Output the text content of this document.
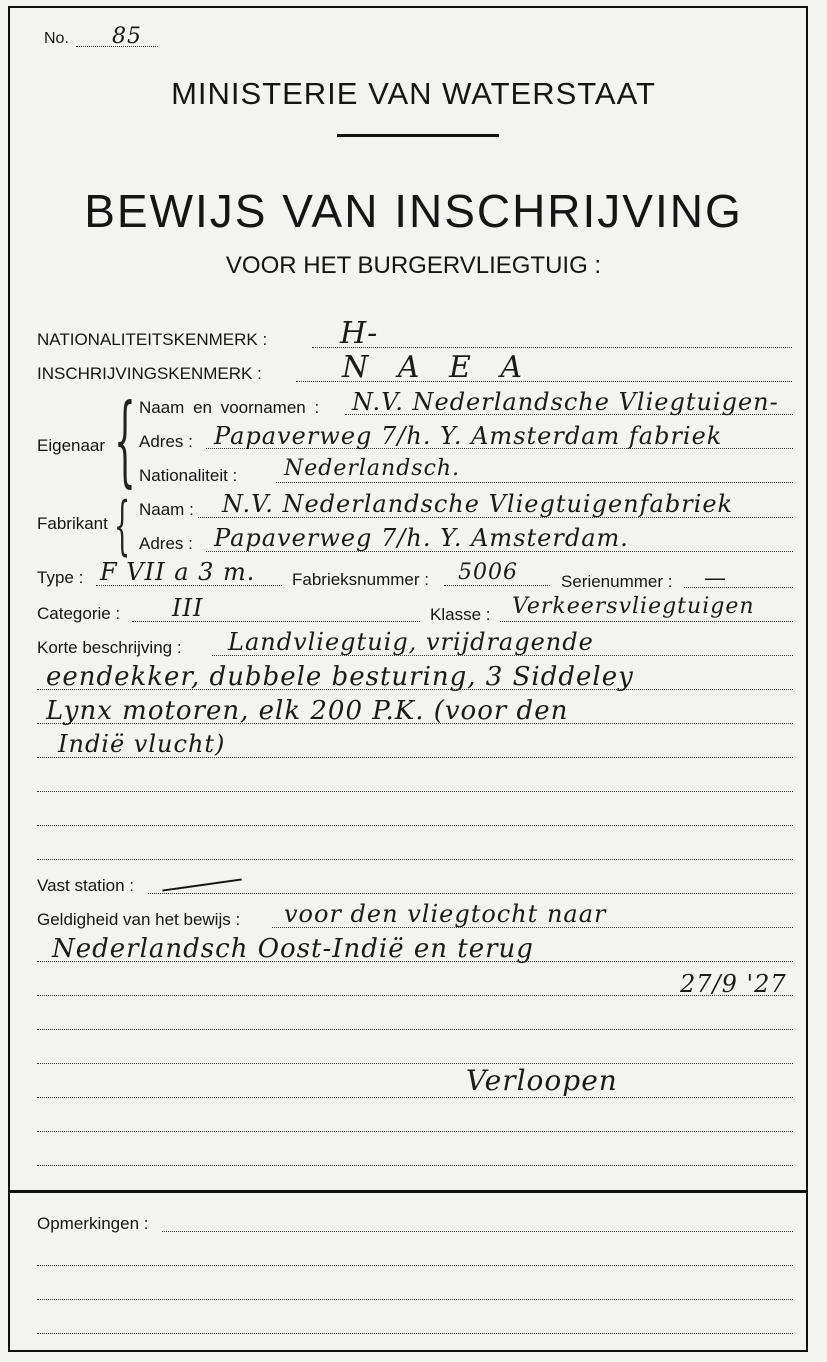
No. 85
MINISTERIE VAN WATERSTAAT
BEWIJS VAN INSCHRIJVING
VOOR HET BURGERVLIEGTUIG :
NATIONALITEITSKENMERK : H-
INSCHRIJVINGSKENMERK :	N A E A
Eigenaar { Naam en voornamen : N.V. Nederlandsche Vliegtuigen-
Adres : Papaverweg 7/h. Y. Amsterdam fabriek
Nationaliteit : Nederlandsch.
Fabrikant { Naam : N.V. Nederlandsche Vliegtuigenfabriek
Adres : Papaverweg 7/h. Y. Amsterdam.
Type : F VII a 3 m. Fabrieksnummer : 5006	Serienummer : —
Categorie : III	Klasse : Verkeersvliegtuigen
Korte beschrijving : Landvliegtuig, vrijdragende
eendekker, dubbele besturing, 3 Siddeley
Lynx motoren, elk 200 P.K. (voor den
Indië vlucht)
Vast station :
Geldigheid van het bewijs : voor den vliegtocht naar
Nederlandsch Oost-Indië en terug
27/9 '27
Verloopen
Opmerkingen :
